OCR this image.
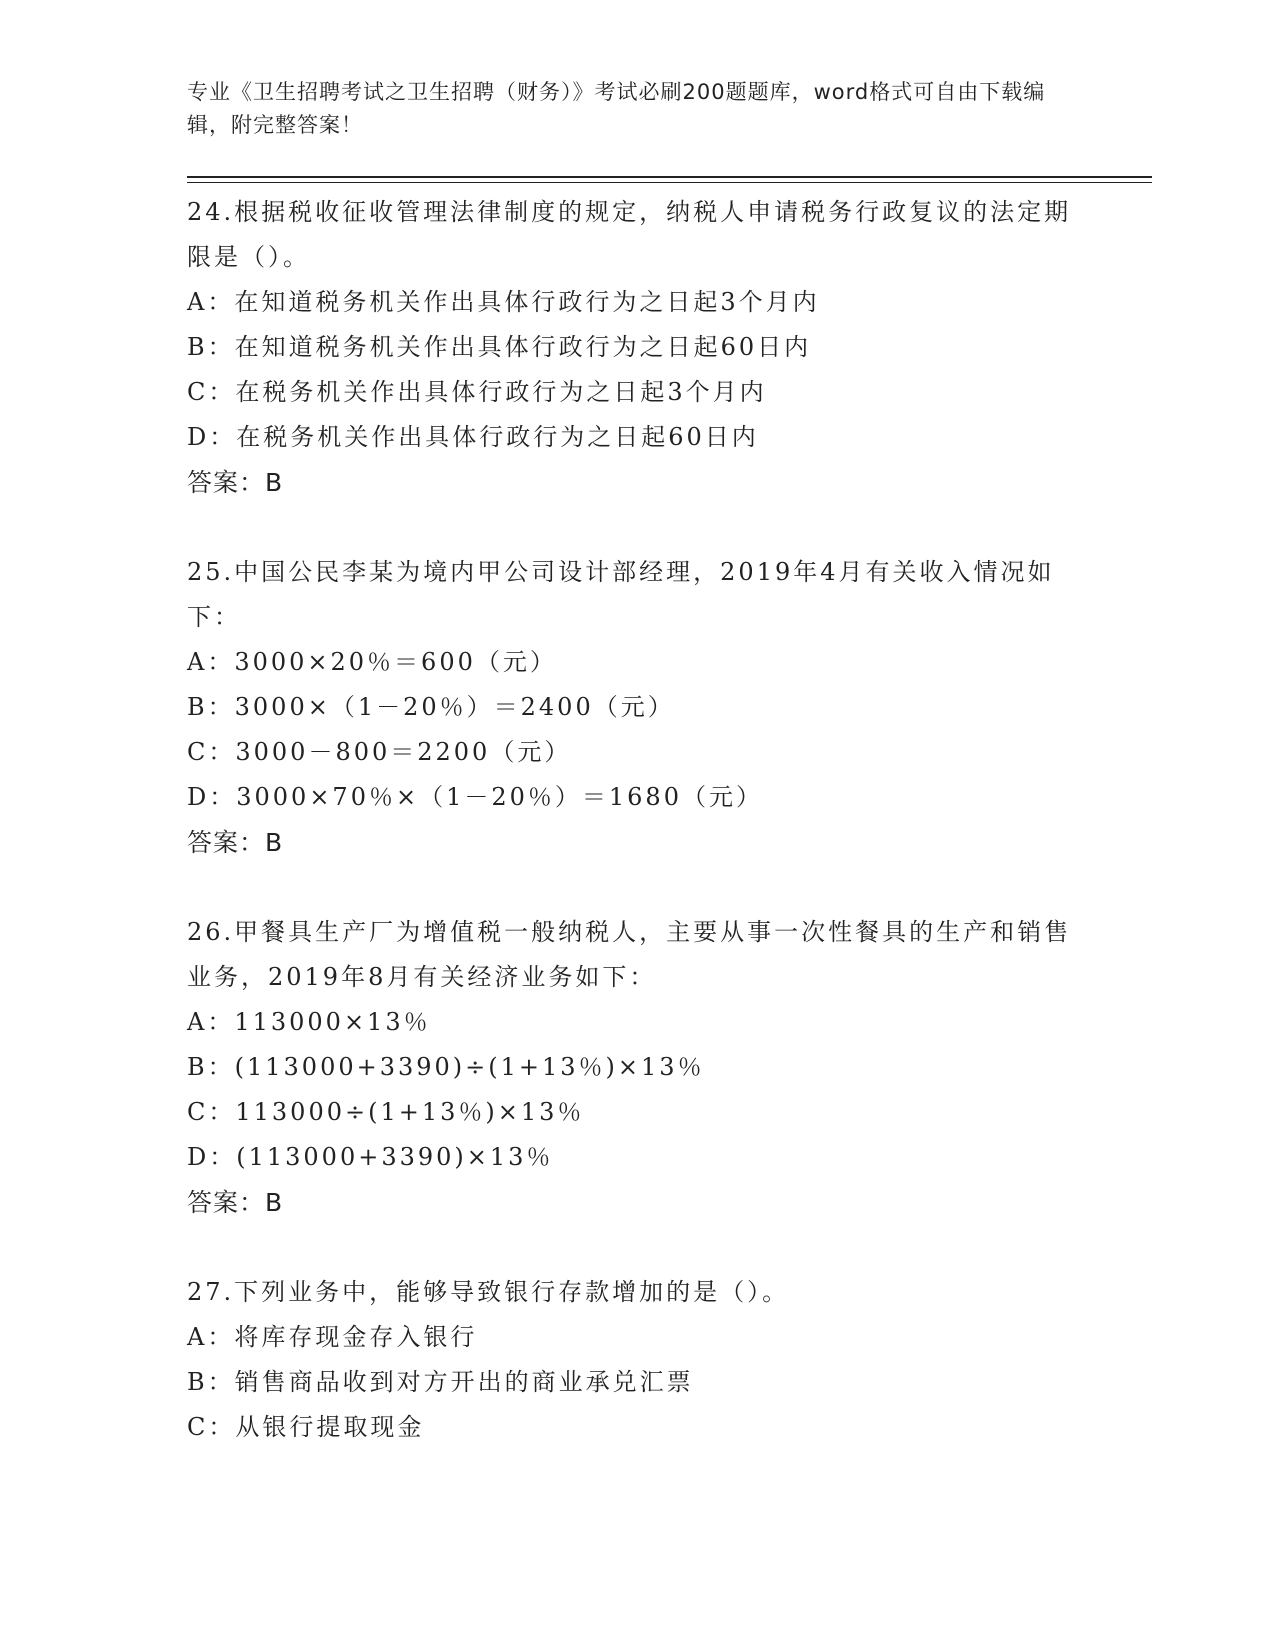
专业《卫生招聘考试之卫生招聘（财务）》考试必刷200题题库，word格式可自由下载编辑，附完整答案！
24.根据税收征收管理法律制度的规定，纳税人申请税务行政复议的法定期限是（）。
A：在知道税务机关作出具体行政行为之日起3个月内
B：在知道税务机关作出具体行政行为之日起60日内
C：在税务机关作出具体行政行为之日起3个月内
D：在税务机关作出具体行政行为之日起60日内
答案：B
25.中国公民李某为境内甲公司设计部经理，2019年4月有关收入情况如下：
A：3000×20％＝600（元）
B：3000×（1－20％）＝2400（元）
C：3000－800＝2200（元）
D：3000×70％×（1－20％）＝1680（元）
答案：B
26.甲餐具生产厂为增值税一般纳税人，主要从事一次性餐具的生产和销售业务，2019年8月有关经济业务如下：
A：113000×13％
B：(113000+3390)÷(1+13％)×13％
C：113000÷(1+13％)×13％
D：(113000+3390)×13％
答案：B
27.下列业务中，能够导致银行存款增加的是（）。
A：将库存现金存入银行
B：销售商品收到对方开出的商业承兑汇票
C：从银行提取现金
